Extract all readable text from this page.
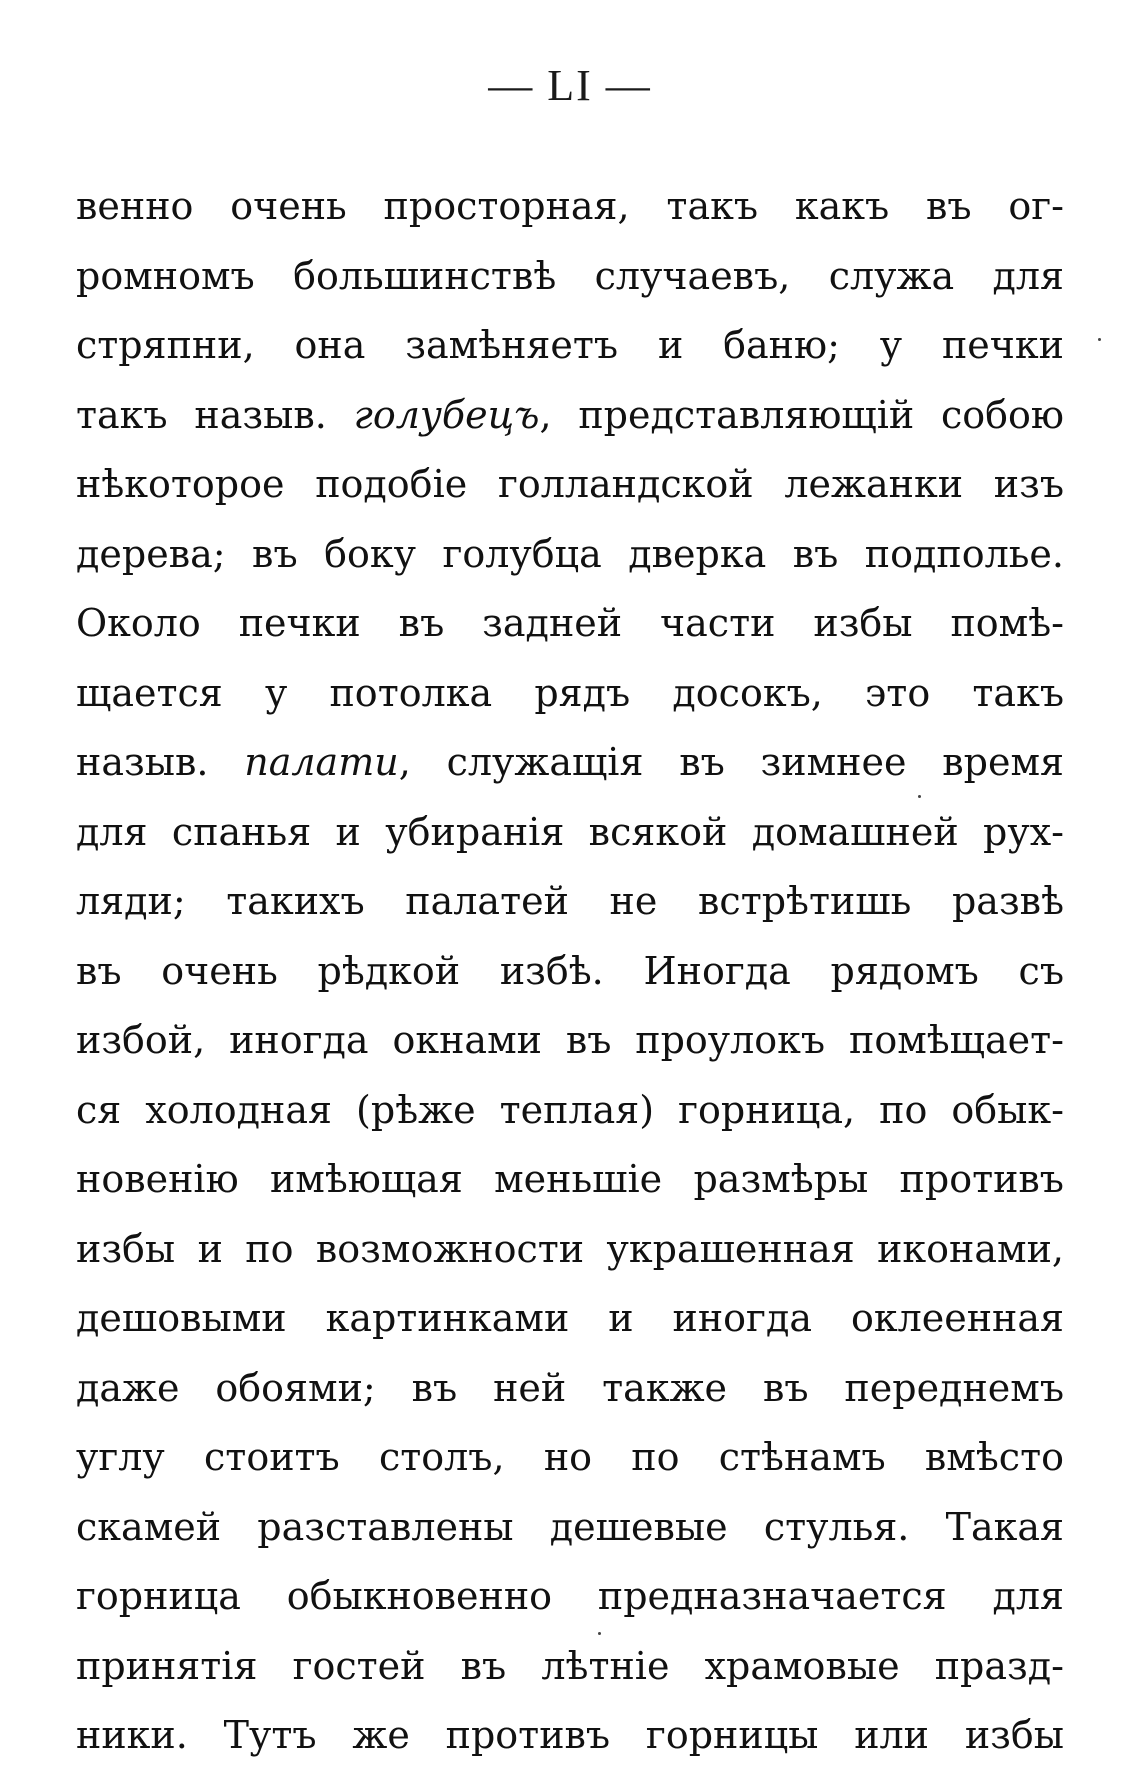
— LI —
венно очень просторная, такъ какъ въ ог-
ромномъ большинствѣ случаевъ, служа для
стряпни, она замѣняетъ и баню; у печки
такъ назыв. голубецъ, представляющій собою
нѣкоторое подобіе голландской лежанки изъ
дерева; въ боку голубца дверка въ подполье.
Около печки въ задней части избы помѣ-
щается у потолка рядъ досокъ, это такъ
назыв. палати, служащія въ зимнее время
для спанья и убиранія всякой домашней рух-
ляди; такихъ палатей не встрѣтишь развѣ
въ очень рѣдкой избѣ. Иногда рядомъ съ
избой, иногда окнами въ проулокъ помѣщает-
ся холодная (рѣже теплая) горница, по обык-
новенію имѣющая меньшіе размѣры противъ
избы и по возможности украшенная иконами,
дешовыми картинками и иногда оклеенная
даже обоями; въ ней также въ переднемъ
углу стоитъ столъ, но по стѣнамъ вмѣсто
скамей разставлены дешевые стулья. Такая
горница обыкновенно предназначается для
принятія гостей въ лѣтніе храмовые празд-
ники. Тутъ же противъ горницы или избы
